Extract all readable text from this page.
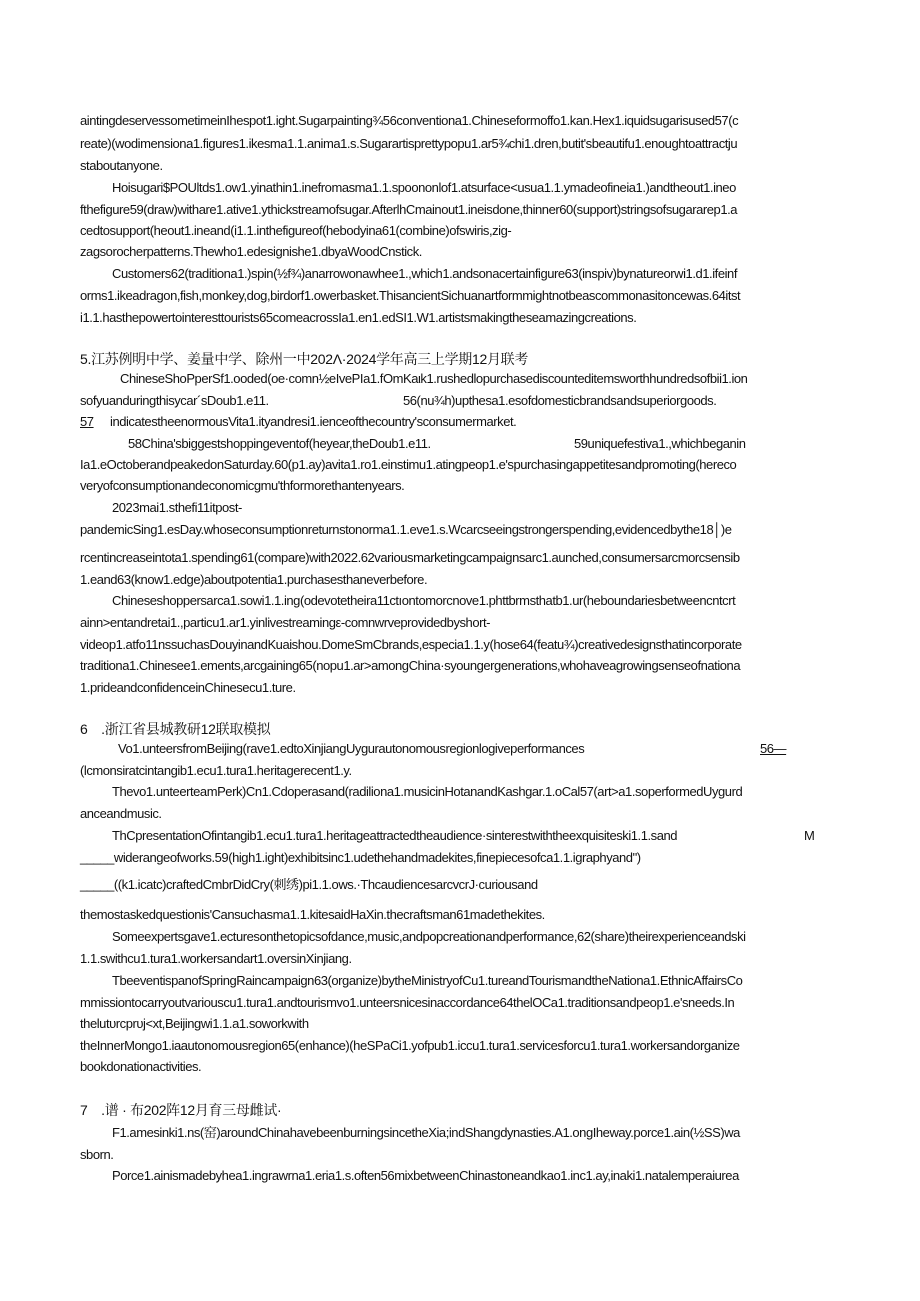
aintingdeservessometimeinIhespot1.ight.Sugarpainting¾56conventiona1.Chineseformoffo1.kan.Hex1.iquidsugarisused57(c
reate)(wodimensiona1.figures1.ikesma1.1.anima1.s.Sugarartisprettypopu1.ar5¾chi1.dren,butit'sbeautifu1.enoughtoattractju
staboutanyone.
Hoisugari$POUltds1.ow1.yinathin1.inefromasma1.1.spoononlof1.atsurface<usua1.1.ymadeofineia1.)andtheout1.ineo
fthefigure59(draw)withare1.ative1.ythickstreamofsugar.AfterlhCmainout1.ineisdone,thinner60(support)stringsofsugararep1.a
cedtosupport(heout1.ineand(i1.1.inthefigureof(hebodyina61(combine)ofswiris,zig-
zagsorocherpatterns.Thewho1.edesignishe1.dbyaWoodCnstick.
Customers62(traditiona1.)spin(½f¾)anarrowonawhee1.,which1.andsonacertainfigure63(inspiv)bynatureorwi1.d1.ifeinf
orms1.ikeadragon,fish,monkey,dog,birdorf1.owerbasket.ThisancientSichuanartformmightnotbeascommonasitoncewas.64itst
i1.1.hasthepowertointeresttourists65comeacrossIa1.en1.edSI1.W1.artistsmakingtheseamazingcreations.
5.江苏例明中学、姜量中学、除州一中202Λ·2024学年高三上学期12月联考
ChineseShoPperSf1.ooded(oe·comn½eIvePIa1.fOmKaιk1.rushedlopurchasediscounteditemsworthhundredsofbii1.ion
sofyuanduringthisycar´sDoub1.e11.	56(nu¾h)upthesa1.esofdomesticbrandsandsuperiorgoods.
57 indicatestheenormousVita1.ityandresi1.ienceofthecountry'sconsumermarket.
58China'sbiggestshoppingeventof(heyear,theDoub1.e11.	59uniquefestiva1.,whichbeganin
Ia1.eOctoberandpeakedonSaturday.60(p1.ay)avita1.ro1.einstimu1.atingpeop1.e'spurchasingappetitesandpromoting(hereco
veryofconsumptionandeconomicgmu'thformorethantenyears.
2023mai1.sthefi11itpost-
pandemicSing1.esDay.whoseconsumptionreturnstonorma1.1.eve1.s.Wcarcseeingstrongerspending,evidencedbythe18│)e
rcentincreaseintota1.spending61(compare)with2022.62variousmarketingcampaignsarc1.aunched,consumersarcmorcsensib
1.eand63(know1.edge)aboutpotentia1.purchasesthaneverbefore.
Chineseshoppersarca1.sowi1.1.ing(odevotetheira11ctıontomorcnove1.phttbrmsthatb1.ur(heboundariesbetweencntcrt
ainn>entandretai1.,particu1.ar1.yinlivestreamingε-comnwrveprovidedbyshort-
videop1.atfo11nssuchasDouyinandKuaishou.DomeSmCbrands,especia1.1.y(hose64(featu¾)creativedesignsthatincorporate
traditiona1.Chinesee1.ements,arcgaining65(nopu1.ar>amongChina·syoungergenerations,whohaveagrowingsenseofnationa
1.prideandconfidenceinChinesecu1.ture.
6　.浙江省县城教研12联取模拟
Vo1.unteersfromBeijing(rave1.edtoXinjiangUygurautonomousregionlogiveperformances	56—
(lcmonsiratcintangib1.ecu1.tura1.heritagerecent1.y.
Thevo1.unteerteamPerk)Cn1.Cdoperasand(radiliona1.musicinHotanandKashgar.1.oCal57(art>a1.soperformedUygurd
anceandmusic.
ThCpresentationOfintangib1.ecu1.tura1.heritageattractedtheaudience·sinterestwiththeexquisiteski1.1.sand	M
_____widerangeofworks.59(high1.ight)exhibitsinc1.udethehandmadekites,finepiecesofca1.1.igraphyand")
_____((k1.icatc)craftedCmbrDidCry(刺绣)pi1.1.ows.·ThcaudiencesarcvcrJ·curiousand
themostaskedquestionis'Cansuchasma1.1.kitesaidHaXin.thecraftsman61madethekites.
Someexpertsgave1.ecturesonthetopicsofdance,music,andpopcreationandperformance,62(share)theirexperienceandski
1.1.swithcu1.tura1.workersandart1.oversinXinjiang.
TbeeventispanofSpringRaincampaign63(organize)bytheMinistryofCu1.tureandTourismandtheNationa1.EthnicAffairsCo
mmissiontocarryoutvariouscu1.tura1.andtourismvo1.unteersnicesinaccordance64thelOCa1.traditionsandpeop1.e'sneeds.In
thelutυrcprυj<xt,Beijingwi1.1.a1.soworkwith
theInnerMongo1.iaautonomousregion65(enhance)(heSPaCi1.yofpub1.iccu1.tura1.servicesforcu1.tura1.workersandorganize
bookdonationactivities.
7　.谱 · 布202阵12月育三母雌试·
F1.amesinki1.ns(窑)aroundChinahavebeenburningsincetheXia;indShangdynasties.A1.ongIheway.porce1.ain(½SS)wa
sborn.
Porce1.ainismadebyhea1.ingrawrna1.eria1.s.often56mixbetweenChinastoneandkao1.inc1.ay,inaki1.natalemperaiurea
